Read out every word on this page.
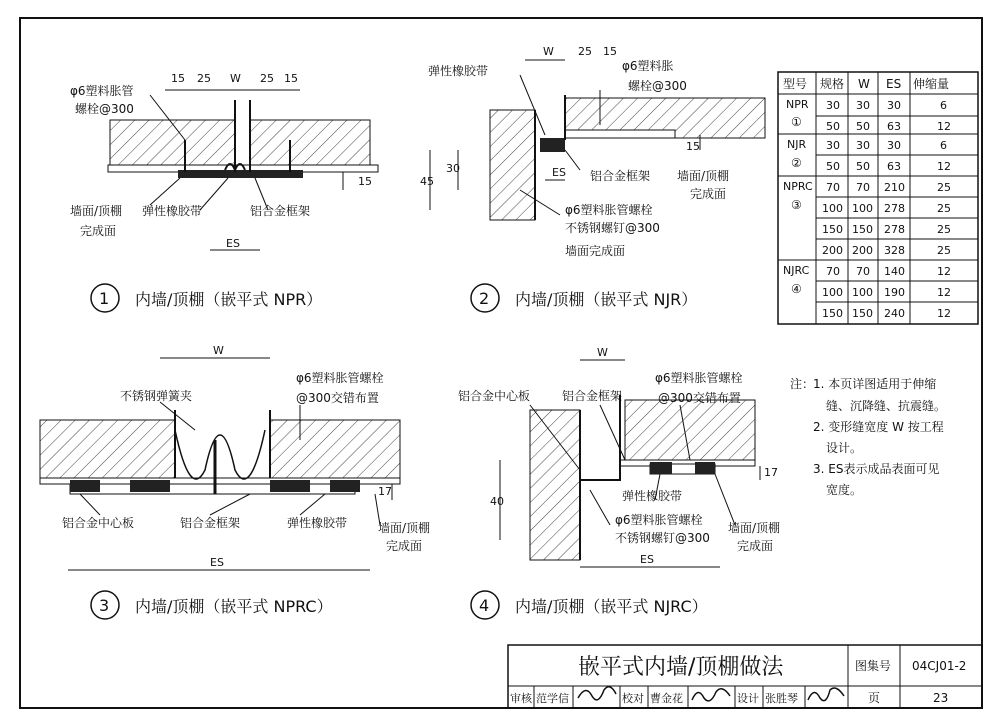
15 25 W 25 15
15
ES
φ6塑料胀管
螺栓@300
墙面/顶棚
完成面
弹性橡胶带	铝合金框架
1 内墙/顶棚（嵌平式 NPR）
W 25 15
15
45
30	ES
弹性橡胶带	φ6塑料胀
螺栓@300
铝合金框架 墙面/顶棚
完成面
φ6塑料胀管螺栓
不锈钢螺钉@300
墙面完成面
2 内墙/顶棚（嵌平式 NJR）
型号 规格 W ES 伸缩量
NPR
①
30 30 30	6
50 50 63	12
NJR
②
30 30 30	6
50 50 63	12
NPRC
③
70 70 210	25
100 100 278	25
150 150 278	25
200 200 328	25
NJRC
④
70 70 140	12
100 100 190	12
150 150 240	12
注：
1. 本页详图适用于伸缩
缝、沉降缝、抗震缝。
2. 变形缝宽度 W 按工程
设计。
3. ES表示成品表面可见
宽度。
W
17
ES
不锈钢弹簧夹
φ6塑料胀管螺栓
@300交错布置
铝合金中心板	铝合金框架	弹性橡胶带	墙面/顶棚
完成面
3 内墙/顶棚（嵌平式 NPRC）
W
17
40
ES
铝合金中心板	铝合金框架
φ6塑料胀管螺栓
@300交错布置
弹性橡胶带
φ6塑料胀管螺栓
不锈钢螺钉@300
墙面/顶棚
完成面
4 内墙/顶棚（嵌平式 NJRC）
嵌平式内墙/顶棚做法	图集号 04CJ01-2
页	23
审核 范学信	校对 曹金花	设计 张胜琴
